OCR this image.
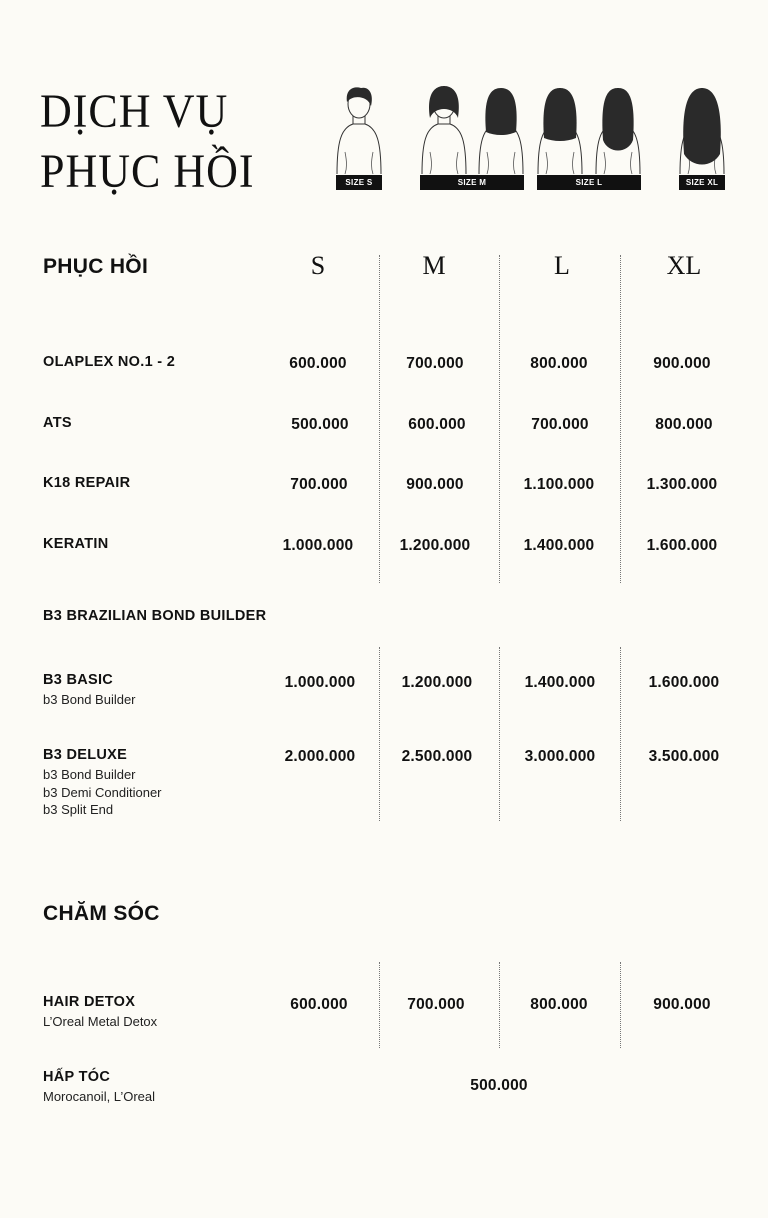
DỊCH VỤ
PHỤC HỒI	SIZE S	SIZE M	SIZE L	SIZE XL
PHỤC HỒI	S	M	L	XL
OLAPLEX NO.1 - 2	600.000	700.000	800.000	900.000
ATS	500.000	600.000	700.000	800.000
K18 REPAIR	700.000	900.000	1.100.000	1.300.000
KERATIN	1.000.000	1.200.000	1.400.000	1.600.000
B3 BRAZILIAN BOND BUILDER
B3 BASIC
b3 Bond Builder
1.000.000	1.200.000	1.400.000	1.600.000
B3 DELUXE
b3 Bond Builder
b3 Demi Conditioner
b3 Split End
2.000.000	2.500.000	3.000.000	3.500.000
CHĂM SÓC
HAIR DETOX
L’Oreal Metal Detox
600.000	700.000	800.000	900.000
HẤP TÓC
Morocanoil, L’Oreal
500.000
